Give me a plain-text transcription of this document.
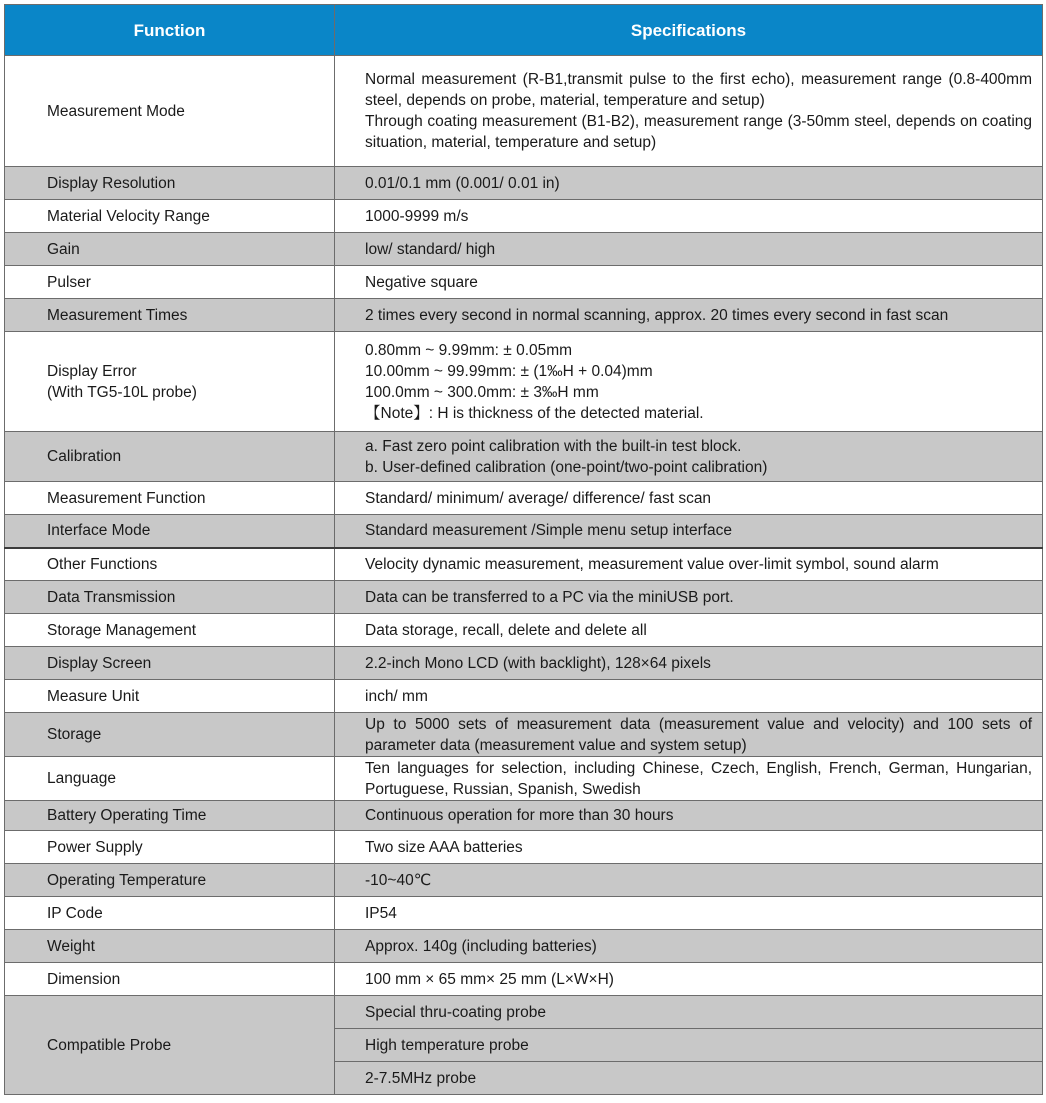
Function	Specifications

Measurement Mode	Normal measurement (R-B1,transmit pulse to the first echo), measurement range (0.8-400mm steel, depends on probe, material, temperature and setup)
Through coating measurement (B1-B2), measurement range (3-50mm steel, depends on coating situation, material, temperature and setup)

Display Resolution	0.01/0.1 mm (0.001/ 0.01 in)

Material Velocity Range	1000-9999 m/s

Gain	low/ standard/ high

Pulser	Negative square

Measurement Times	2 times every second in normal scanning, approx. 20 times every second in fast scan

Display Error
(With TG5-10L probe)	0.80mm ~ 9.99mm: ± 0.05mm
10.00mm ~ 99.99mm: ± (1‰H + 0.04)mm
100.0mm ~ 300.0mm: ± 3‰H mm
【Note】: H is thickness of the detected material.

Calibration	a. Fast zero point calibration with the built-in test block.
b. User-defined calibration (one-point/two-point calibration)

Measurement Function	Standard/ minimum/ average/ difference/ fast scan

Interface Mode	Standard measurement /Simple menu setup interface

Other Functions	Velocity dynamic measurement, measurement value over-limit symbol, sound alarm

Data Transmission	Data can be transferred to a PC via the miniUSB port.

Storage Management	Data storage, recall, delete and delete all

Display Screen	2.2-inch Mono LCD (with backlight), 128×64 pixels

Measure Unit	inch/ mm

Storage	Up to 5000 sets of measurement data (measurement value and velocity) and 100 sets of parameter data (measurement value and system setup)

Language	Ten languages for selection, including Chinese, Czech, English, French, German, Hungarian, Portuguese, Russian, Spanish, Swedish

Battery Operating Time	Continuous operation for more than 30 hours

Power Supply	Two size AAA batteries

Operating Temperature	-10~40℃

IP Code	IP54

Weight	Approx. 140g (including batteries)

Dimension	100 mm × 65 mm× 25 mm (L×W×H)

Compatible Probe	Special thru-coating probe
	High temperature probe
	2-7.5MHz probe
